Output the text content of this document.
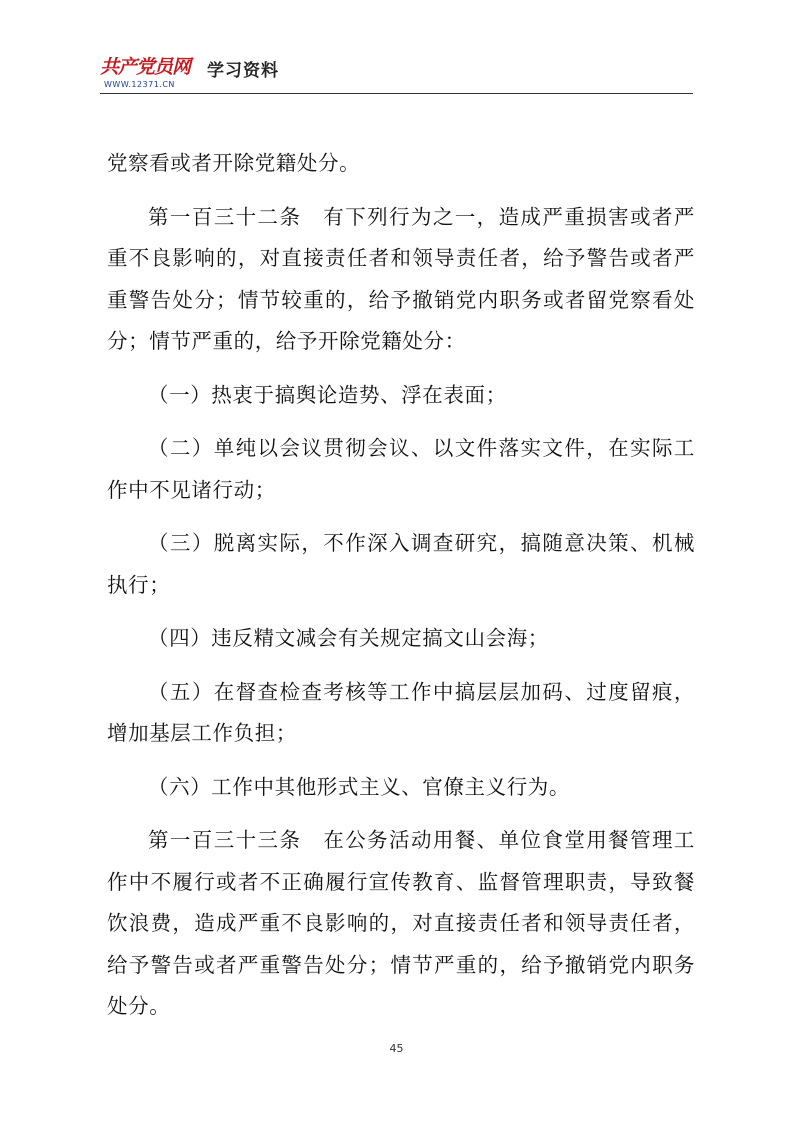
共产党员网
WWW.12371.CN
学习资料

党察看或者开除党籍处分。

第一百三十二条　有下列行为之一，造成严重损害或者严重不良影响的，对直接责任者和领导责任者，给予警告或者严重警告处分；情节较重的，给予撤销党内职务或者留党察看处分；情节严重的，给予开除党籍处分：

（一）热衷于搞舆论造势、浮在表面；

（二）单纯以会议贯彻会议、以文件落实文件，在实际工作中不见诸行动；

（三）脱离实际，不作深入调查研究，搞随意决策、机械执行；

（四）违反精文减会有关规定搞文山会海；

（五）在督查检查考核等工作中搞层层加码、过度留痕，增加基层工作负担；

（六）工作中其他形式主义、官僚主义行为。

第一百三十三条　在公务活动用餐、单位食堂用餐管理工作中不履行或者不正确履行宣传教育、监督管理职责，导致餐饮浪费，造成严重不良影响的，对直接责任者和领导责任者，给予警告或者严重警告处分；情节严重的，给予撤销党内职务处分。

45
